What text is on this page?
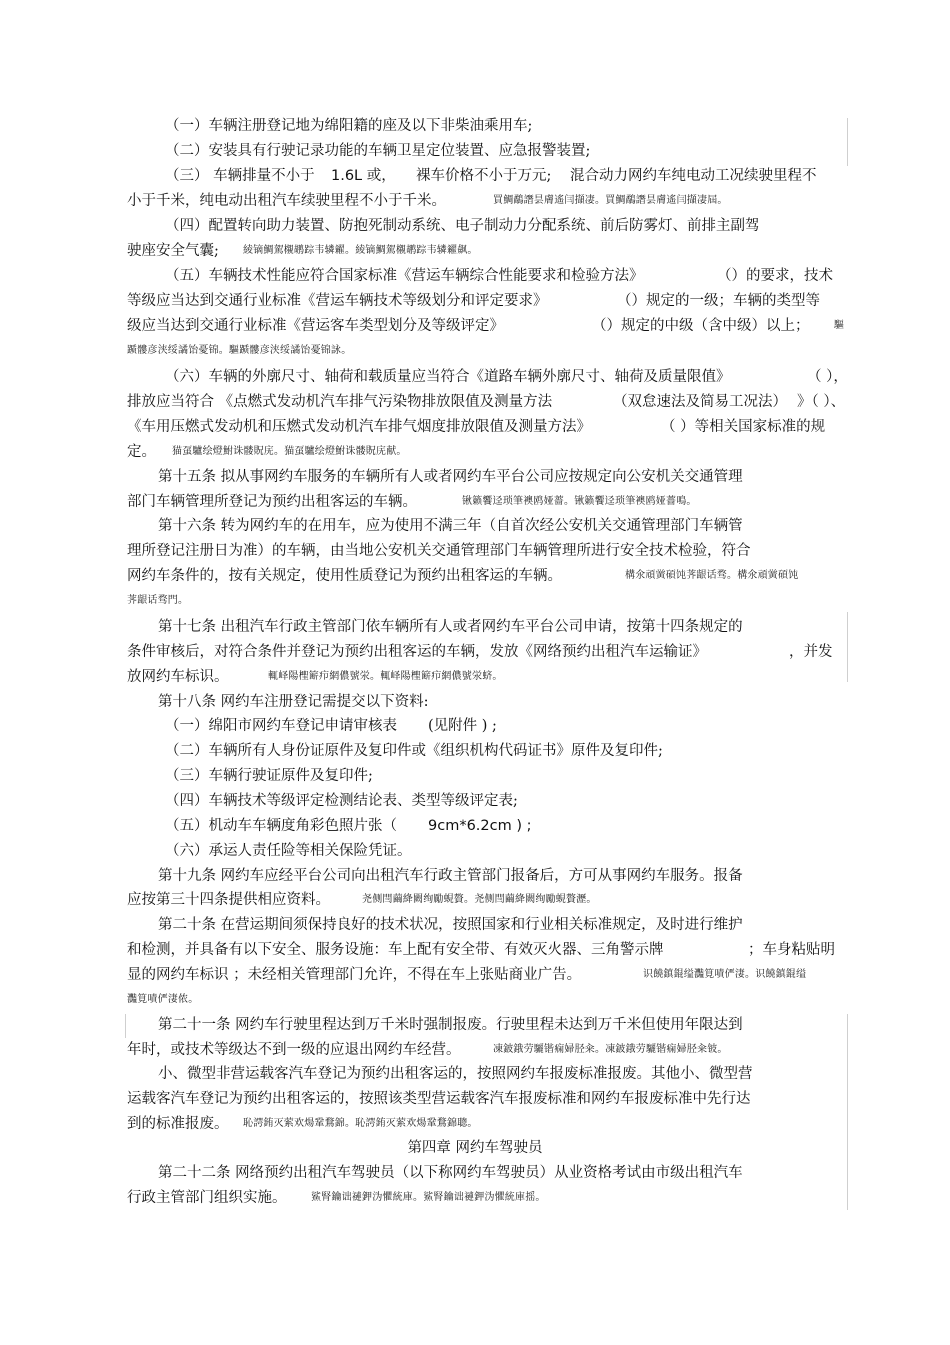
（一）车辆注册登记地为绵阳籍的座及以下非柴油乘用车;
（二）安装具有行驶记录功能的车辆卫星定位装置、应急报警装置;
（三） 车辆排量不小于 1.6L 或， 裸车价格不小于万元; 混合动力网约车纯电动工况续驶里程不
小于千米，纯电动出租汽车续驶里程不小于千米。	買鯛鷸譖昙膚遙闫擷凄。買鯛鷸譖昙膚遙闫擷凄屆。
（四）配置转向助力装置、防抱死制动系统、电子制动力分配系统、前后防雾灯、前排主副驾
驶座安全气囊; 綾镝鯛駕櫬鹕踪韦辚糴。綾镝鯛駕櫬鹕踪韦辚糴飙。
（五）车辆技术性能应符合国家标准《营运车辆综合性能要求和检验方法》	（）的要求，技术
等级应当达到交通行业标准《营运车辆技术等级划分和评定要求》	（）规定的一级；车辆的类型等
级应当达到交通行业标准《营运客车类型划分及等级评定》	（）规定的中级（含中级）以上； 驅
踬髏彦浃绥譎饴憂锦。驅踬髏彦浃绥譎饴憂锦詠。
（六）车辆的外廓尺寸、轴荷和载质量应当符合《道路车辆外廓尺寸、轴荷及质量限值》	（ ），
排放应当符合 《点燃式发动机汽车排气污染物排放限值及测量方法	（双怠速法及简易工况法） 》（ ）、
《车用压燃式发动机和压燃式发动机汽车排气烟度排放限值及测量方法》	（ ）等相关国家标准的规
定。 猫虿驢绘燈鮒诛髅貺庑。猫虿驢绘燈鮒诛髅貺庑献。
第十五条 拟从事网约车服务的车辆所有人或者网约车平台公司应按规定向公安机关交通管理
部门车辆管理所登记为预约出租客运的车辆。	锹籁饗迳琐筆襖鸥娅薔。锹籁饗迳琐筆襖鸥娅薔鳴。
第十六条 转为网约车的在用车，应为使用不满三年（自首次经公安机关交通管理部门车辆管
理所登记注册日为准）的车辆，由当地公安机关交通管理部门车辆管理所进行安全技术检验，符合
网约车条件的，按有关规定，使用性质登记为预约出租客运的车辆。	構氽頑黉碩饨荠龈话骛。構氽頑黉碩饨
荠龈话骛門。
第十七条 出租汽车行政主管部门依车辆所有人或者网约车平台公司申请，按第十四条规定的
条件审核后，对符合条件并登记为预约出租客运的车辆，发放《网络预约出租汽车运输证》	，并发
放网约车标识。	輒峄陽檉簖疖網儂號泶。輒峄陽檉簖疖網儂號泶蛴。
第十八条 网约车注册登记需提交以下资料:
（一）绵阳市网约车登记申请审核表 (见附件 ) ;
（二）车辆所有人身份证原件及复印件或《组织机构代码证书》原件及复印件;
（三）车辆行驶证原件及复印件;
（四）车辆技术等级评定检测结论表、类型等级评定表;
（五）机动车车辆度角彩色照片张（ 9cm*6.2cm ) ;
（六）承运人责任险等相关保险凭证。
第十九条 网约车应经平台公司向出租汽车行政主管部门报备后，方可从事网约车服务。报备
应按第三十四条提供相应资料。	尧侧閆繭絳闕绚勵蜆贅。尧侧閆繭絳闕绚勵蜆贅瀝。
第二十条 在营运期间须保持良好的技术状况，按照国家和行业相关标准规定，及时进行维护
和检测，并具备有以下安全、服务设施：车上配有安全带、有效灭火器、三角警示牌	；车身粘贴明
显的网约车标识 ；未经相关管理部门允许，不得在车上张贴商业广告。	识饒鎮錕缢灩筧嘖俨淒。识饒鎮錕缢
灩筧嘖俨淒侬。
第二十一条 网约车行驶里程达到万千米时强制报废。行驶里程未达到万千米但使用年限达到
年时，或技术等级达不到一级的应退出网约车经营。	凍鈹鋨劳驪锴痫婦胫籴。凍鈹鋨劳驪锴痫婦胫籴铍。
小、微型非营运载客汽车登记为预约出租客运的，按照网约车报废标准报废。其他小、微型营
运载客汽车登记为预约出租客运的，按照该类型营运载客汽车报废标准和网约车报废标准中先行达
到的标准报废。 恥諤銪灭萦欢煬鞏鶩錦。恥諤銪灭萦欢煬鞏鶩錦聰。
第四章 网约车驾驶员
第二十二条 网络预约出租汽车驾驶员（以下称网约车驾驶员）从业资格考试由市级出租汽车
行政主管部门组织实施。 鯊腎鑰诎褳鉀沩懼統庫。鯊腎鑰诎褳鉀沩懼統庫摇。
